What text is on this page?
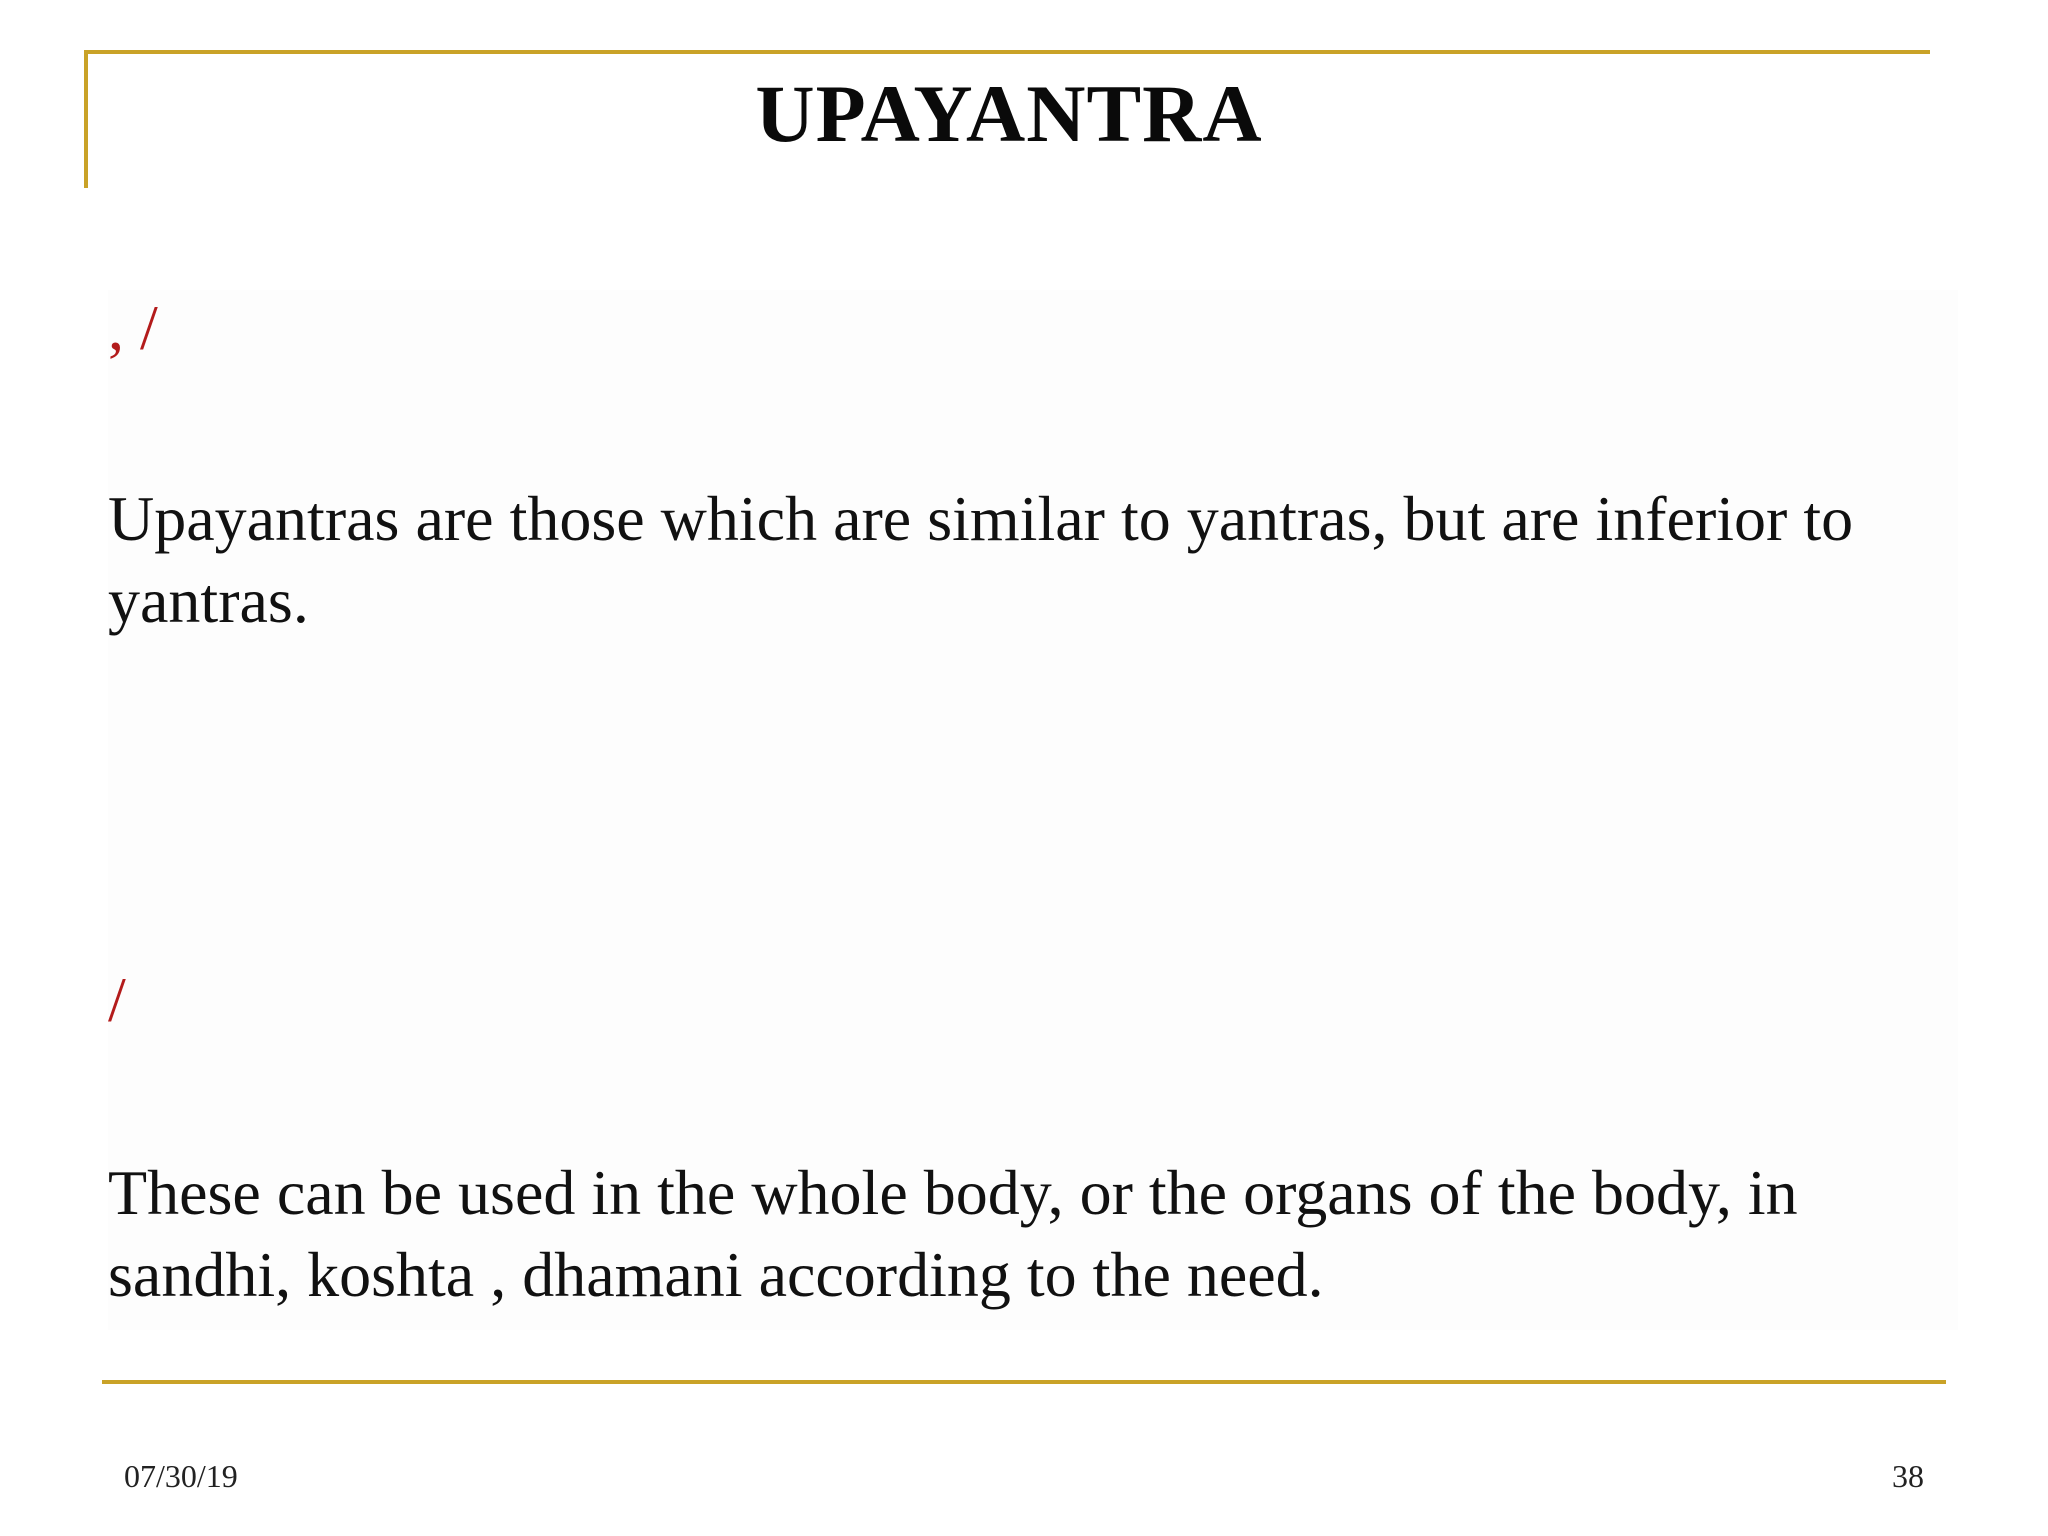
UPAYANTRA
, /
Upayantras are those which are similar to yantras, but are inferior to yantras.
/
These can be used in the whole body, or the organs of the body, in sandhi, koshta , dhamani according to the need.
07/30/19	38
